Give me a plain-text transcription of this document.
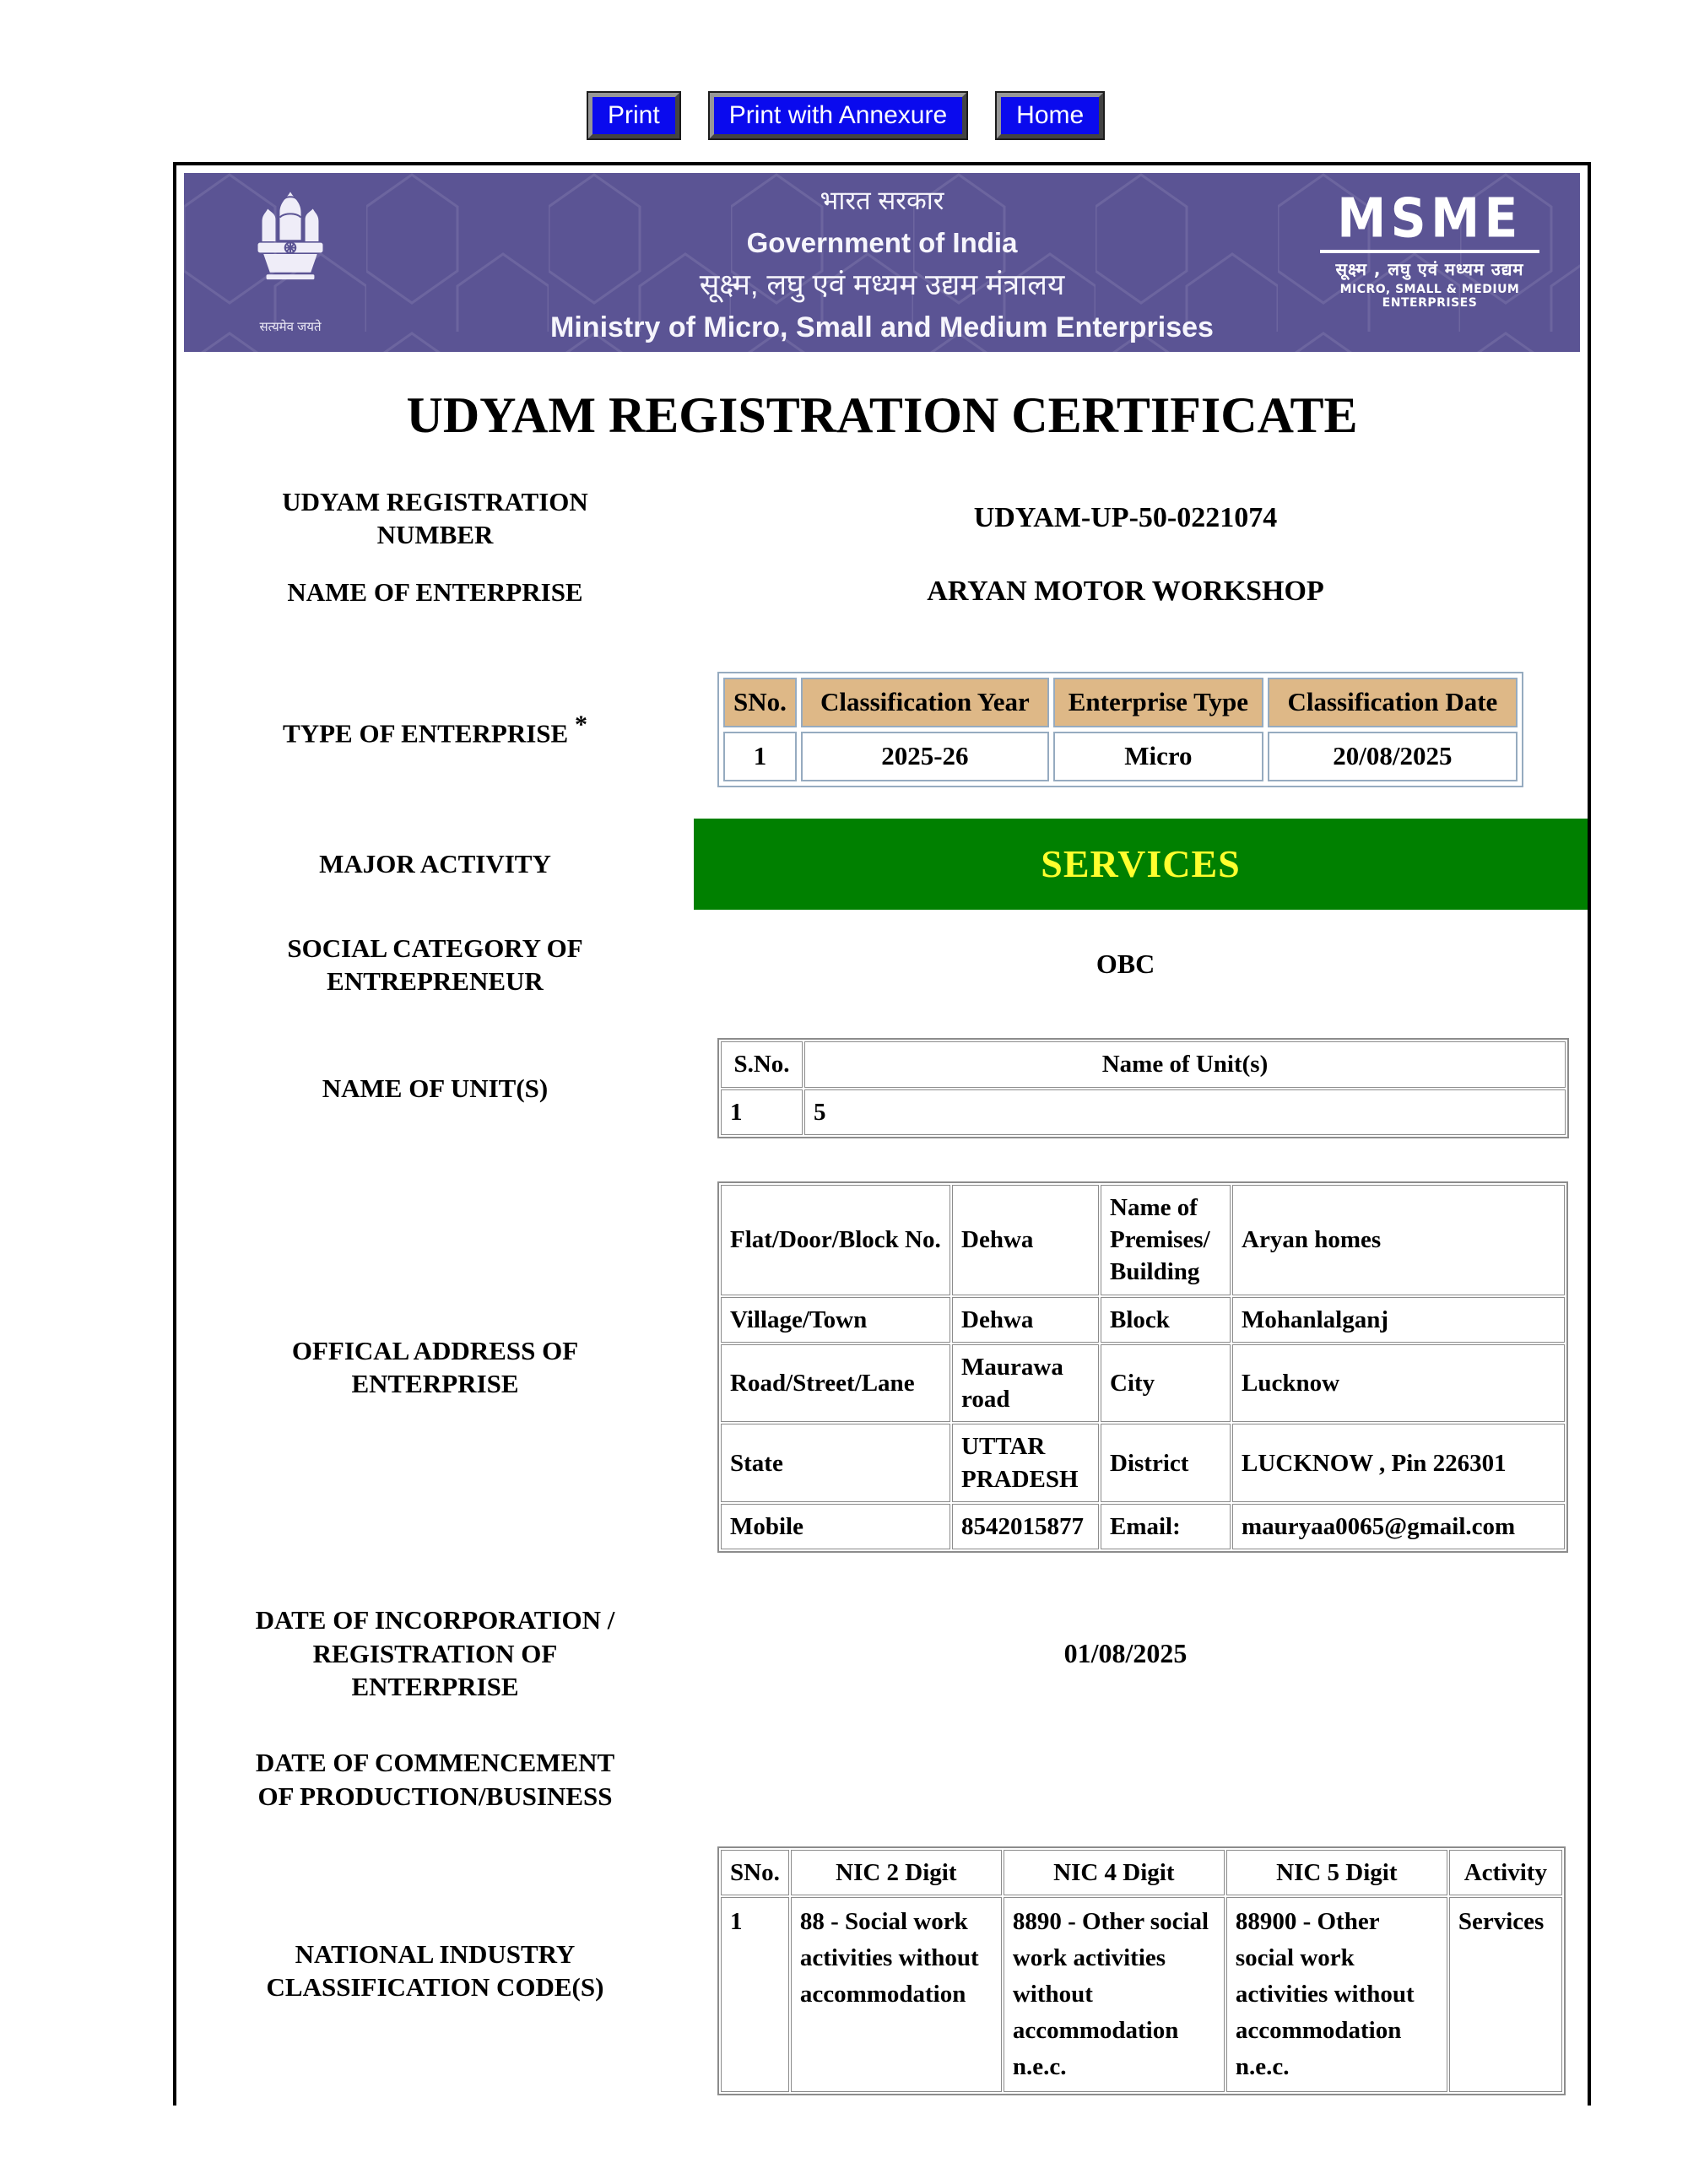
Print	Print with Annexure	Home
सत्यमेव जयते
भारत सरकार
Government of India
सूक्ष्म, लघु एवं मध्यम उद्यम मंत्रालय
Ministry of Micro, Small and Medium Enterprises
MSME
सूक्ष्म , लघु एवं मध्यम उद्यम
MICRO, SMALL & MEDIUM ENTERPRISES
UDYAM REGISTRATION CERTIFICATE
UDYAM REGISTRATION NUMBER
UDYAM-UP-50-0221074
NAME OF ENTERPRISE	ARYAN MOTOR WORKSHOP
TYPE OF ENTERPRISE *
SNo.	Classification Year	Enterprise Type	Classification Date
1	2025-26	Micro	20/08/2025
MAJOR ACTIVITY	SERVICES
SOCIAL CATEGORY OF ENTREPRENEUR
OBC
NAME OF UNIT(S)
S.No.	Name of Unit(s)
1	5
OFFICAL ADDRESS OF ENTERPRISE
Flat/Door/Block No.	Dehwa	Name of Premises/ Building	Aryan homes
Village/Town	Dehwa	Block	Mohanlalganj
Road/Street/Lane	Maurawa road	City	Lucknow
State	UTTAR PRADESH	District	LUCKNOW , Pin 226301
Mobile	8542015877	Email:	mauryaa0065@gmail.com
DATE OF INCORPORATION / REGISTRATION OF ENTERPRISE
01/08/2025
DATE OF COMMENCEMENT OF PRODUCTION/BUSINESS
NATIONAL INDUSTRY CLASSIFICATION CODE(S)
SNo.	NIC 2 Digit	NIC 4 Digit	NIC 5 Digit	Activity
1	88 - Social work activities without accommodation	8890 - Other social work activities without accommodation n.e.c.	88900 - Other social work activities without accommodation n.e.c.	Services
